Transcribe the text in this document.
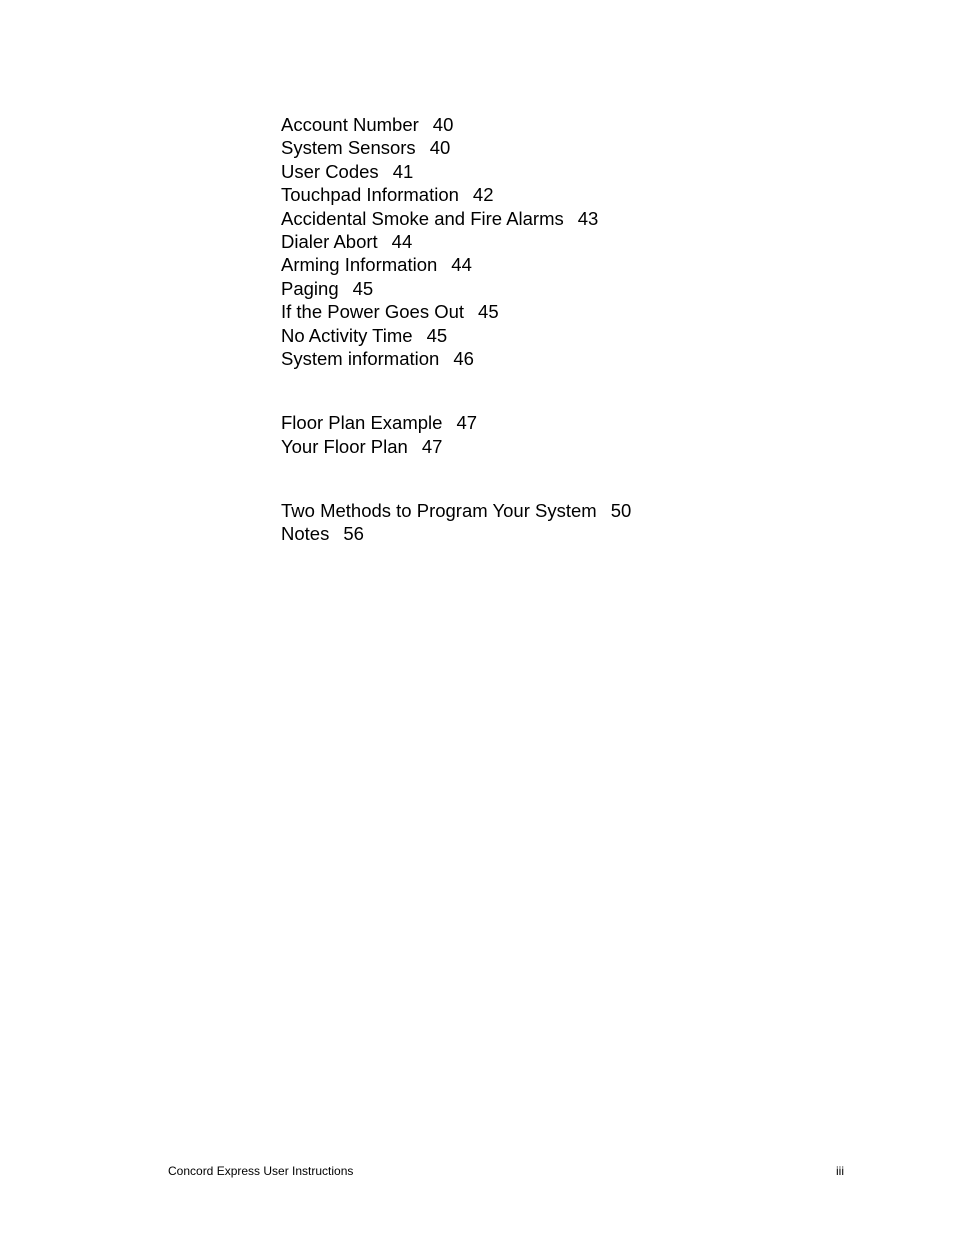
Account Number 40
System Sensors 40
User Codes 41
Touchpad Information 42
Accidental Smoke and Fire Alarms 43
Dialer Abort 44
Arming Information 44
Paging 45
If the Power Goes Out 45
No Activity Time 45
System information 46
Floor Plan Example 47
Your Floor Plan 47
Two Methods to Program Your System 50
Notes 56
Concord Express User Instructions	iii
